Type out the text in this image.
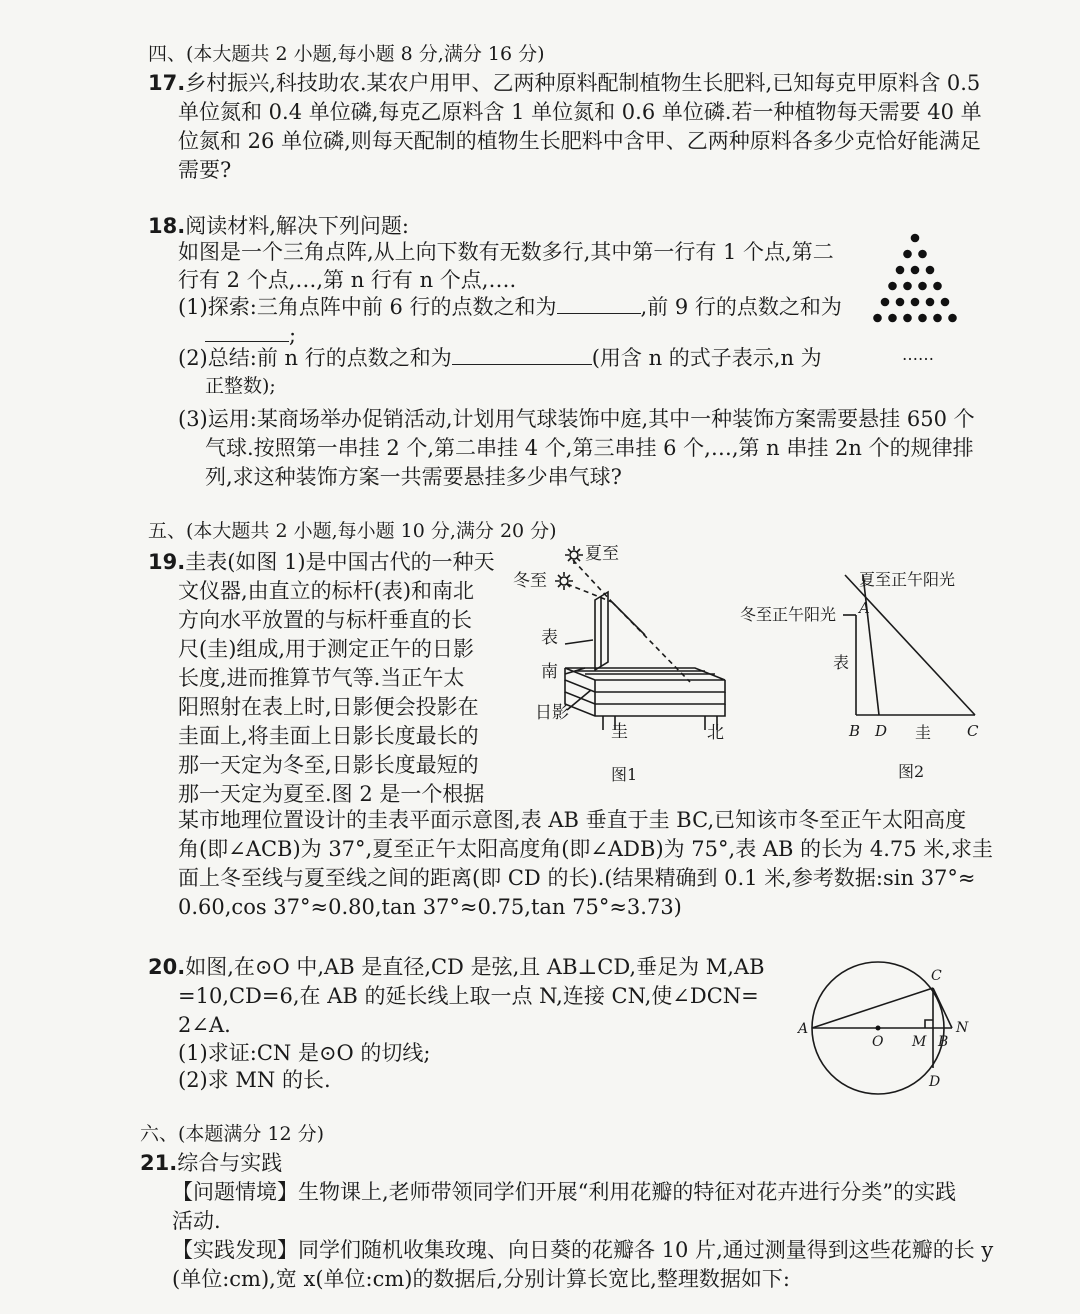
四、(本大题共 2 小题,每小题 8 分,满分 16 分)
17.乡村振兴,科技助农.某农户用甲、乙两种原料配制植物生长肥料,已知每克甲原料含 0.5
单位氮和 0.4 单位磷,每克乙原料含 1 单位氮和 0.6 单位磷.若一种植物每天需要 40 单
位氮和 26 单位磷,则每天配制的植物生长肥料中含甲、乙两种原料各多少克恰好能满足
需要?
18.阅读材料,解决下列问题:
如图是一个三角点阵,从上向下数有无数多行,其中第一行有 1 个点,第二
行有 2 个点,…,第 n 行有 n 个点,….
(1)探索:三角点阵中前 6 行的点数之和为	,前 9 行的点数之和为
;
(2)总结:前 n 行的点数之和为	(用含 n 的式子表示,n 为
正整数);
(3)运用:某商场举办促销活动,计划用气球装饰中庭,其中一种装饰方案需要悬挂 650 个
气球.按照第一串挂 2 个,第二串挂 4 个,第三串挂 6 个,…,第 n 串挂 2n 个的规律排
列,求这种装饰方案一共需要悬挂多少串气球?
……
五、(本大题共 2 小题,每小题 10 分,满分 20 分)
19.圭表(如图 1)是中国古代的一种天
文仪器,由直立的标杆(表)和南北
方向水平放置的与标杆垂直的长
尺(圭)组成,用于测定正午的日影
长度,进而推算节气等.当正午太
阳照射在表上时,日影便会投影在
圭面上,将圭面上日影长度最长的
那一天定为冬至,日影长度最短的
那一天定为夏至.图 2 是一个根据
某市地理位置设计的圭表平面示意图,表 AB 垂直于圭 BC,已知该市冬至正午太阳高度
角(即∠ACB)为 37°,夏至正午太阳高度角(即∠ADB)为 75°,表 AB 的长为 4.75 米,求圭
面上冬至线与夏至线之间的距离(即 CD 的长).(结果精确到 0.1 米,参考数据:sin 37°≈
0.60,cos 37°≈0.80,tan 37°≈0.75,tan 75°≈3.73)
夏至
冬至
表
南
日影
圭	北
图1
夏至正午阳光
冬至正午阳光 A
表
B D 圭 C
图2
20.如图,在⊙O 中,AB 是直径,CD 是弦,且 AB⊥CD,垂足为 M,AB
=10,CD=6,在 AB 的延长线上取一点 N,连接 CN,使∠DCN=
2∠A.
(1)求证:CN 是⊙O 的切线;
(2)求 MN 的长.
A
O M B
N
C
D
六、(本题满分 12 分)
21.综合与实践
【问题情境】生物课上,老师带领同学们开展“利用花瓣的特征对花卉进行分类”的实践
活动.
【实践发现】同学们随机收集玫瑰、向日葵的花瓣各 10 片,通过测量得到这些花瓣的长 y
(单位:cm),宽 x(单位:cm)的数据后,分别计算长宽比,整理数据如下:
